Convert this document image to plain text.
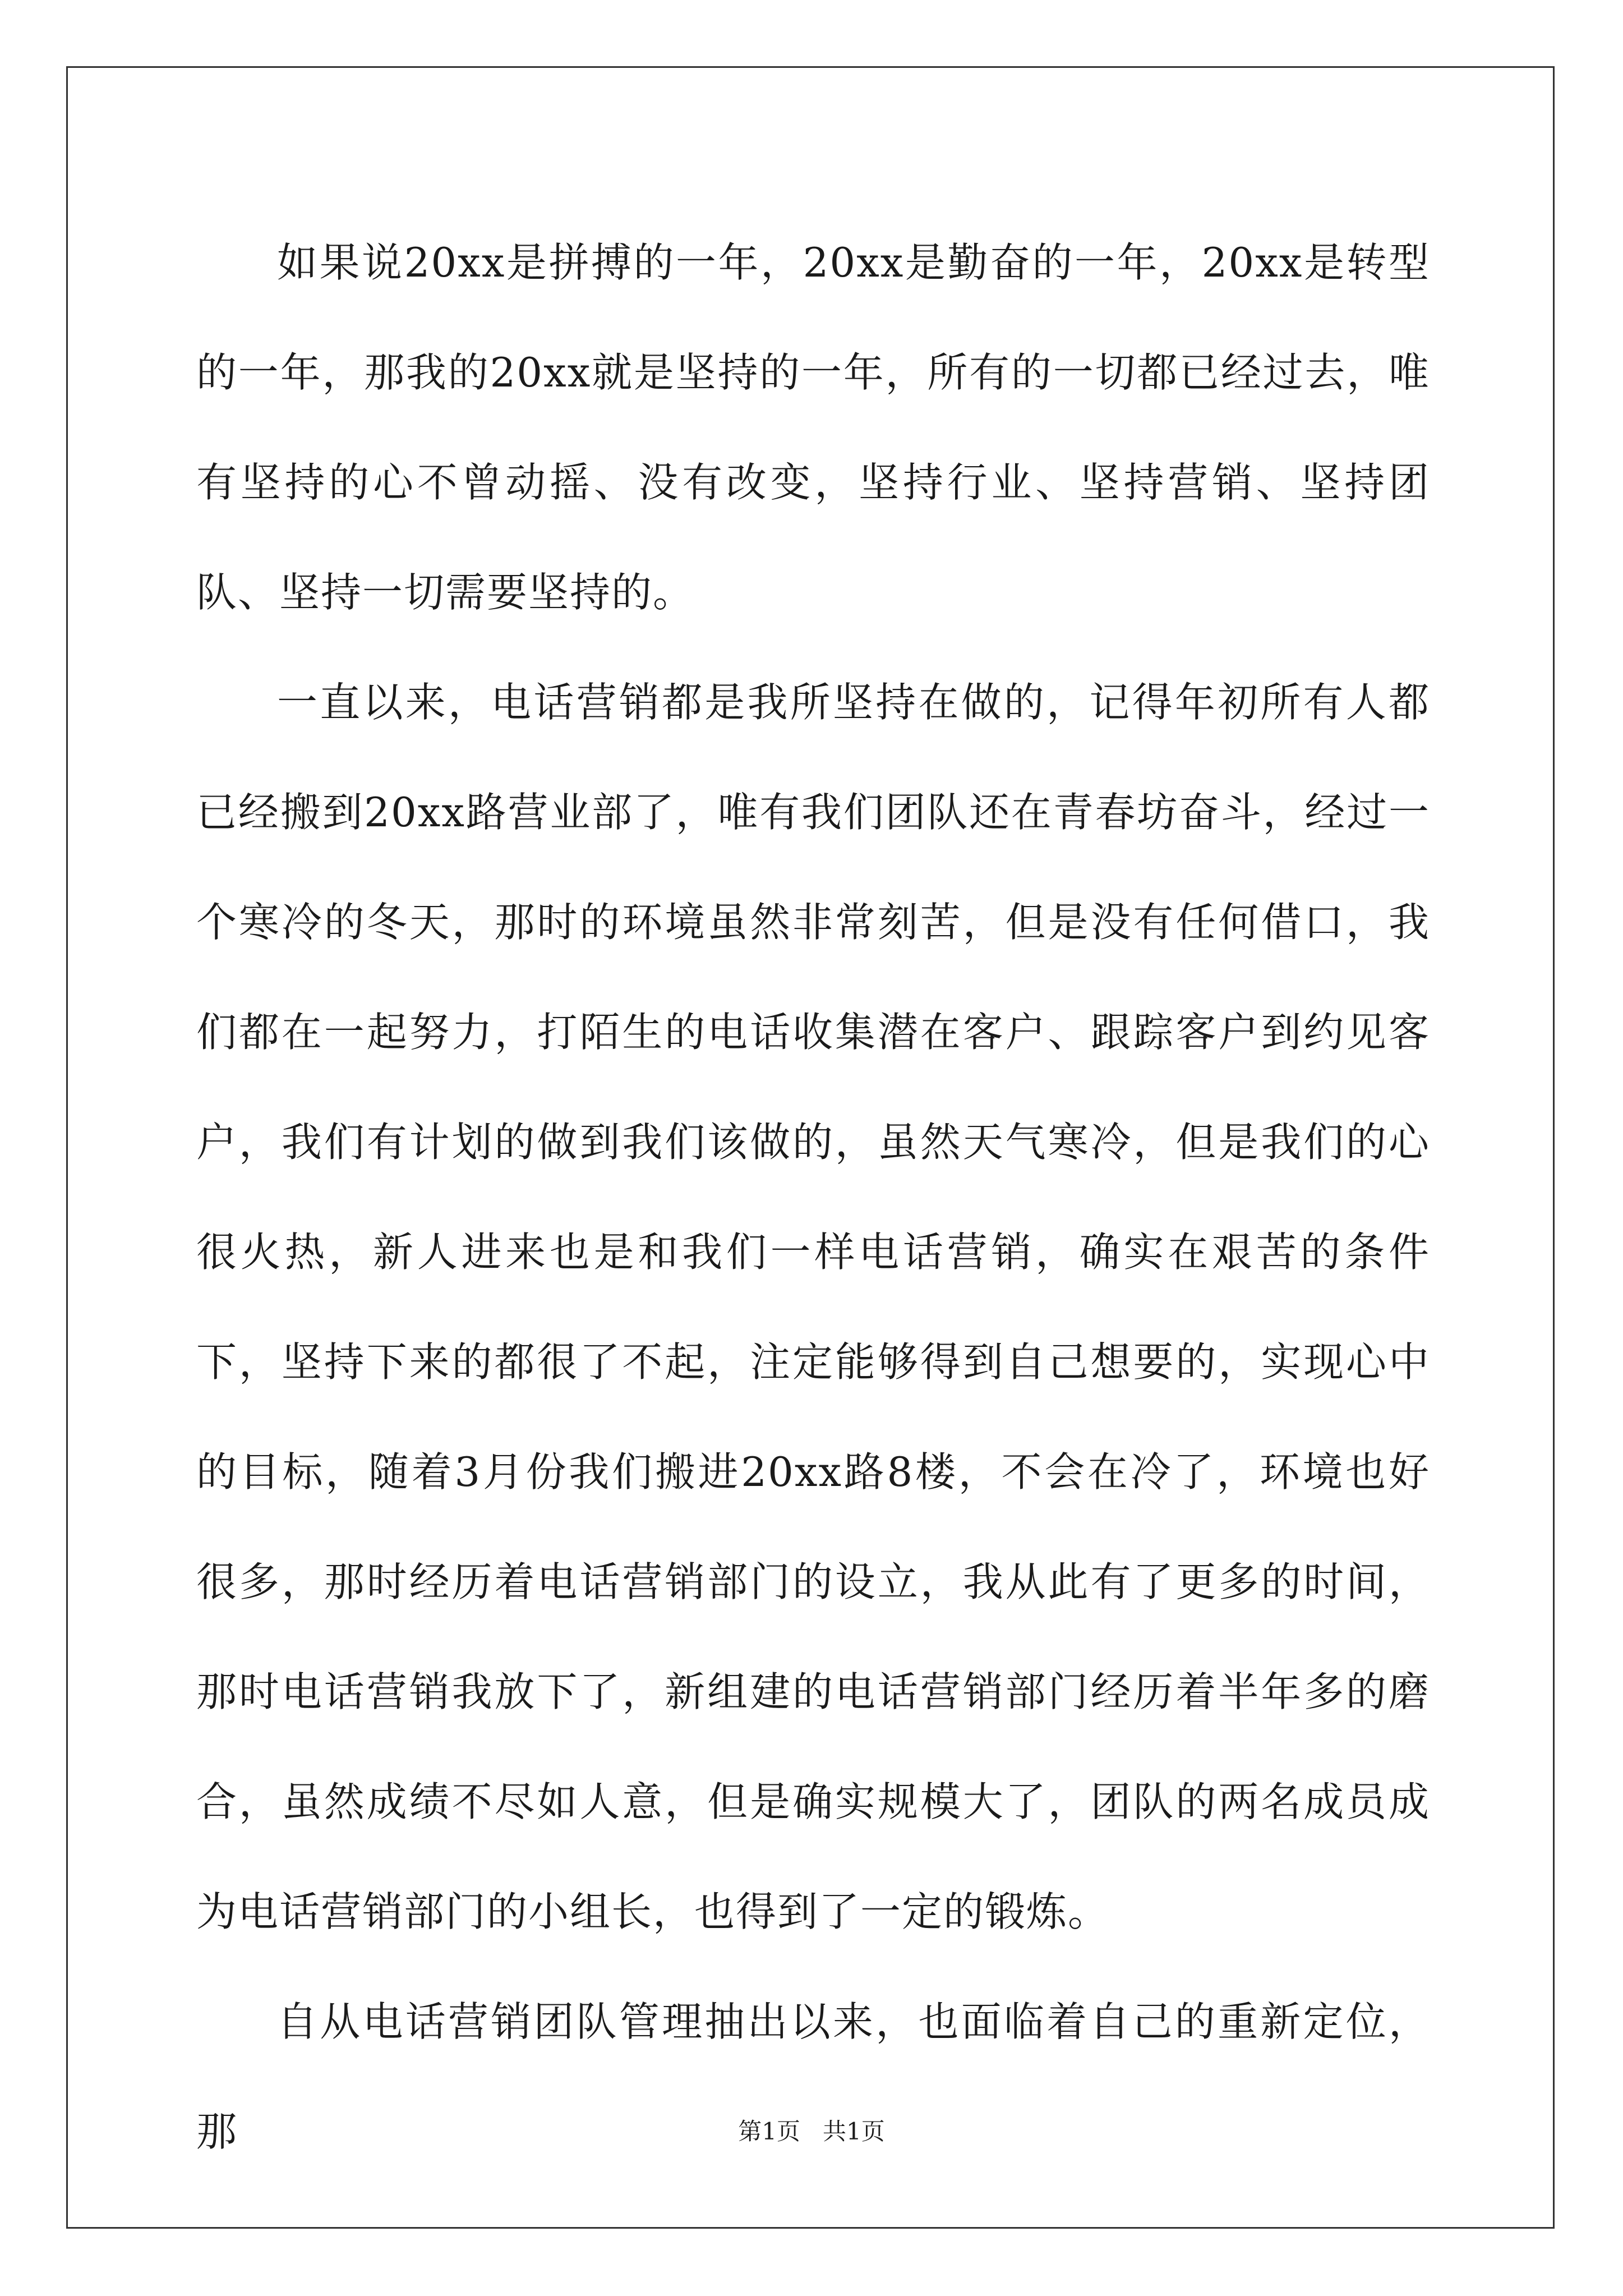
如果说20xx是拼搏的一年，20xx是勤奋的一年，20xx是转型的一年，那我的20xx就是坚持的一年，所有的一切都已经过去，唯有坚持的心不曾动摇、没有改变，坚持行业、坚持营销、坚持团队、坚持一切需要坚持的。

一直以来，电话营销都是我所坚持在做的，记得年初所有人都已经搬到20xx路营业部了，唯有我们团队还在青春坊奋斗，经过一个寒冷的冬天，那时的环境虽然非常刻苦，但是没有任何借口，我们都在一起努力，打陌生的电话收集潜在客户、跟踪客户到约见客户，我们有计划的做到我们该做的，虽然天气寒冷，但是我们的心很火热，新人进来也是和我们一样电话营销，确实在艰苦的条件下，坚持下来的都很了不起，注定能够得到自己想要的，实现心中的目标，随着3月份我们搬进20xx路8楼，不会在冷了，环境也好很多，那时经历着电话营销部门的设立，我从此有了更多的时间，那时电话营销我放下了，新组建的电话营销部门经历着半年多的磨合，虽然成绩不尽如人意，但是确实规模大了，团队的两名成员成为电话营销部门的小组长，也得到了一定的锻炼。

自从电话营销团队管理抽出以来，也面临着自己的重新定位，那	第1页 共1页
